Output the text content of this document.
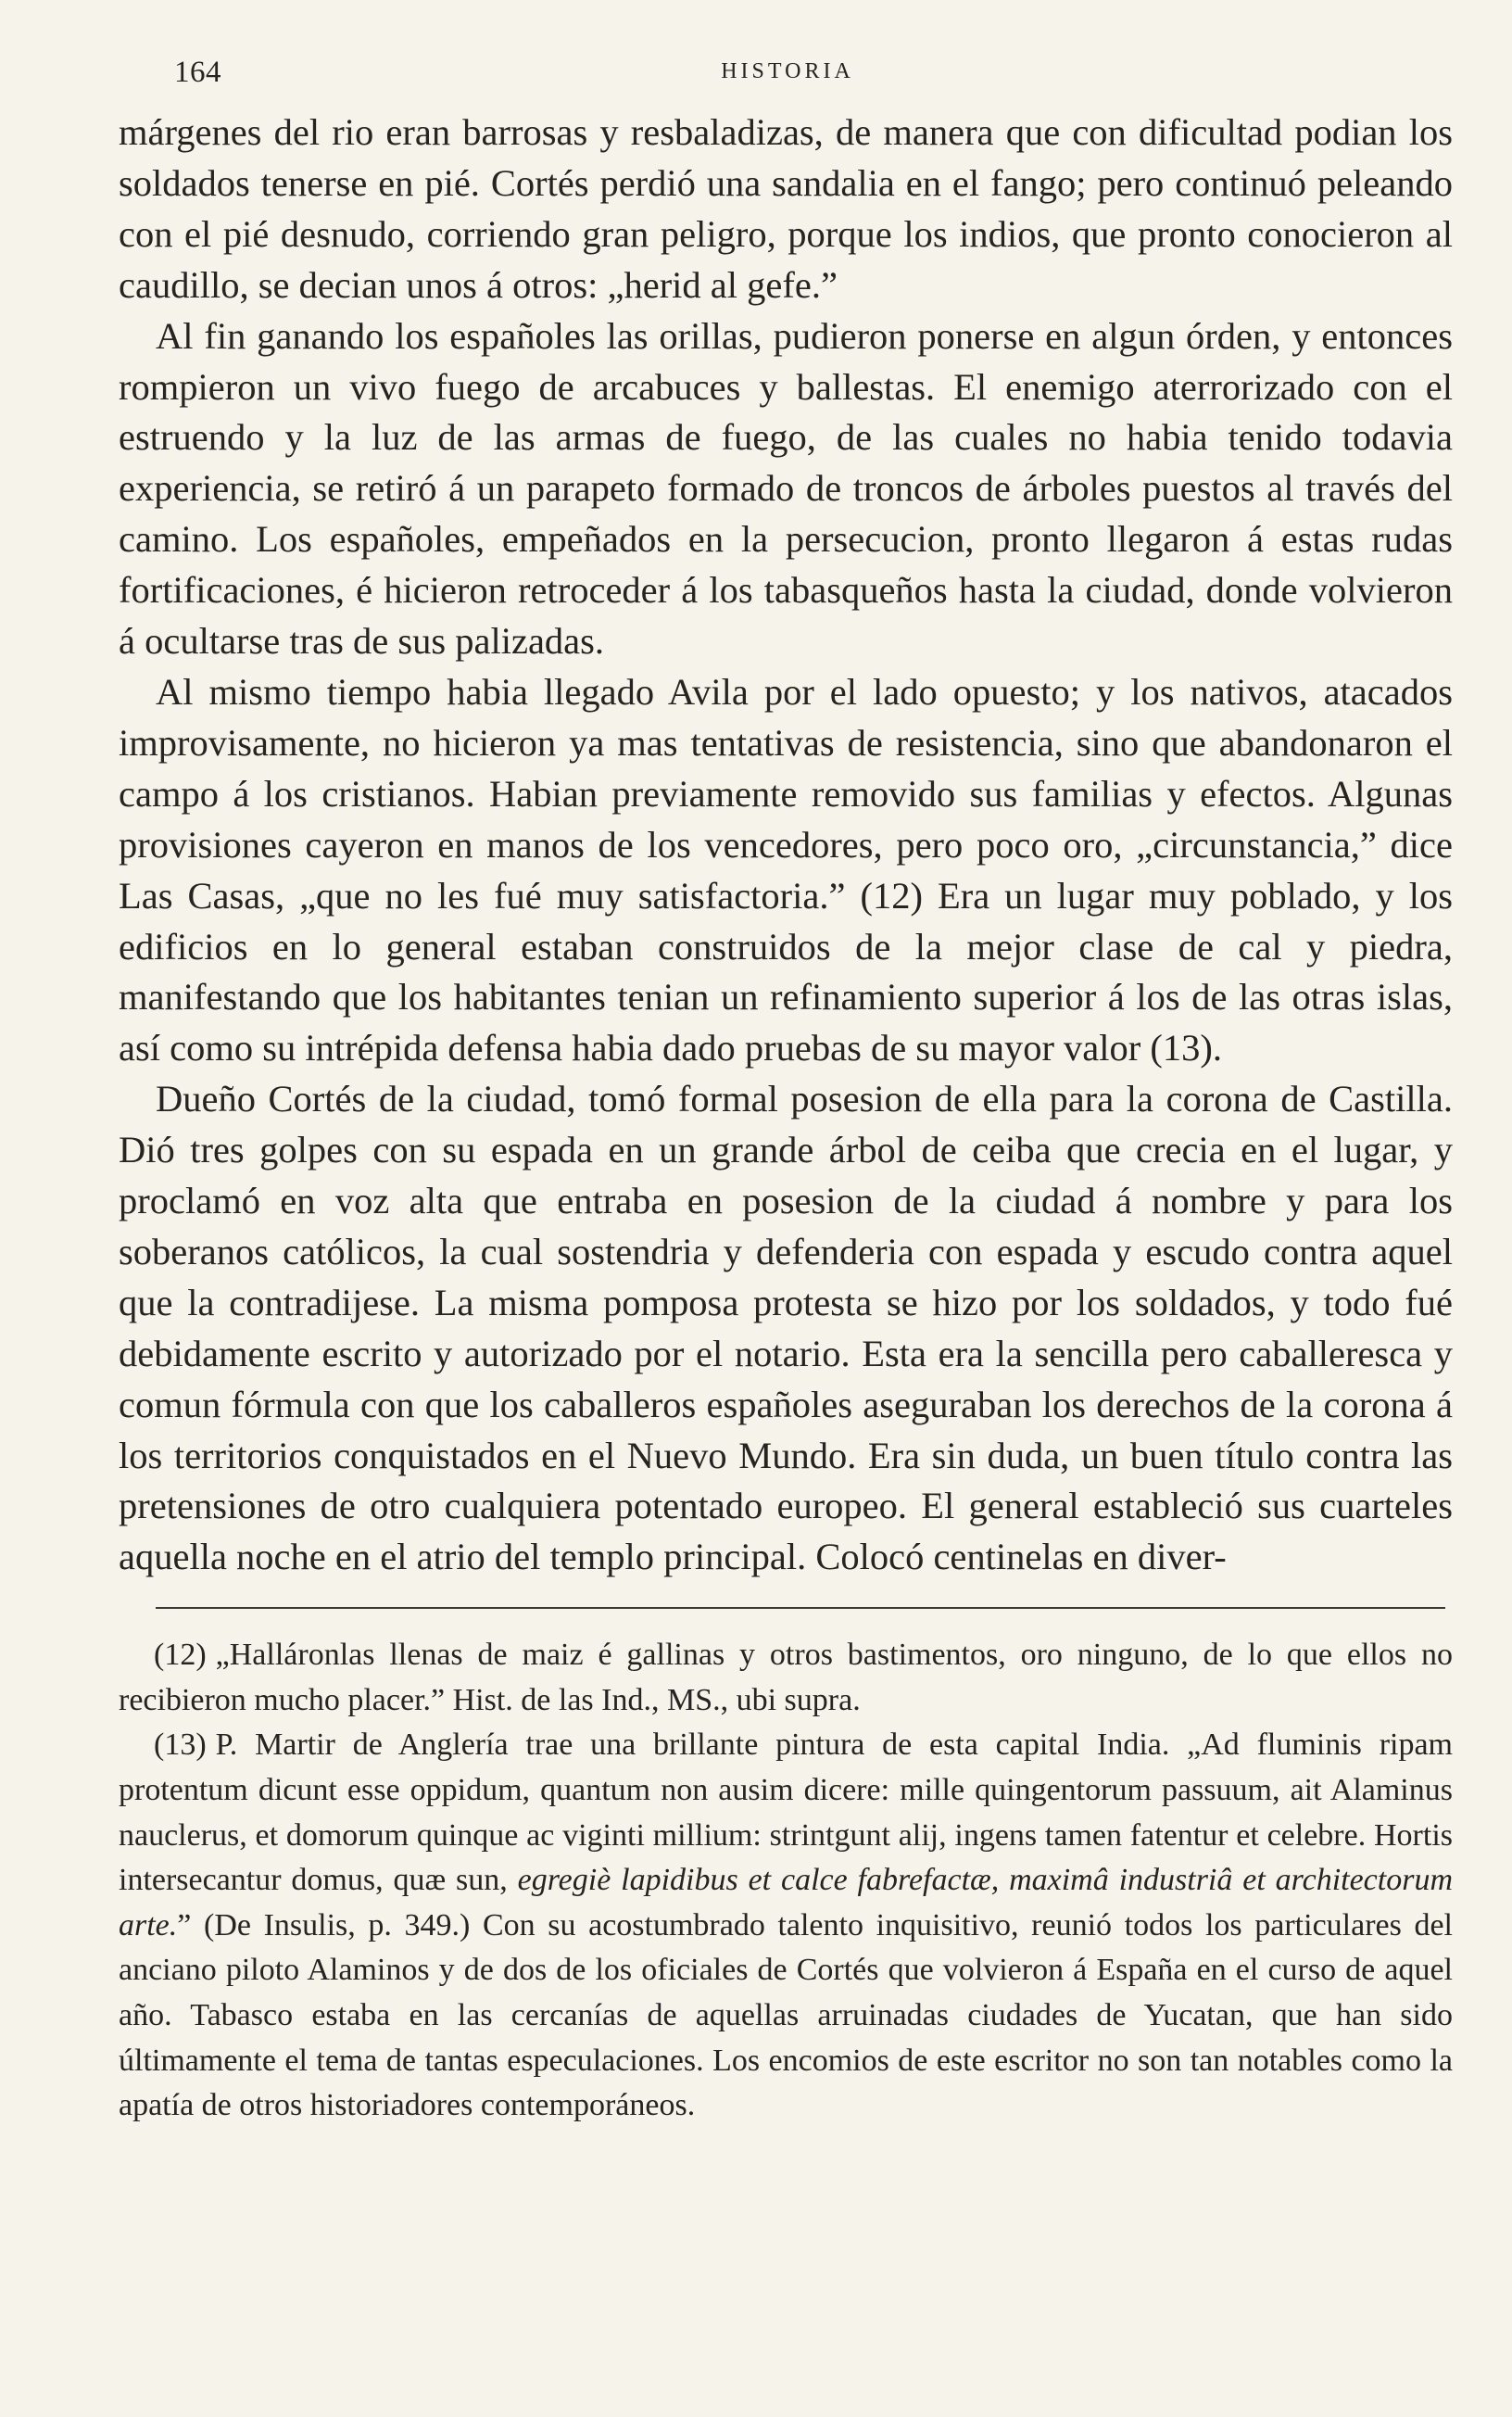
164	HISTORIA

márgenes del rio eran barrosas y resbaladizas, de manera que con dificultad podian los soldados tenerse en pié. Cortés perdió una sandalia en el fango; pero continuó peleando con el pié desnudo, corriendo gran peligro, porque los indios, que pronto conocieron al caudillo, se decian unos á otros: „herid al gefe.”

Al fin ganando los españoles las orillas, pudieron ponerse en algun órden, y entonces rompieron un vivo fuego de arcabuces y ballestas. El enemigo aterrorizado con el estruendo y la luz de las armas de fuego, de las cuales no habia tenido todavia experiencia, se retiró á un parapeto formado de troncos de árboles puestos al través del camino. Los españoles, empeñados en la persecucion, pronto llegaron á estas rudas fortificaciones, é hicieron retroceder á los tabasqueños hasta la ciudad, donde volvieron á ocultarse tras de sus palizadas.

Al mismo tiempo habia llegado Avila por el lado opuesto; y los nativos, atacados improvisamente, no hicieron ya mas tentativas de resistencia, sino que abandonaron el campo á los cristianos. Habian previamente removido sus familias y efectos. Algunas provisiones cayeron en manos de los vencedores, pero poco oro, „circunstancia,” dice Las Casas, „que no les fué muy satisfactoria.” (12) Era un lugar muy poblado, y los edificios en lo general estaban construidos de la mejor clase de cal y piedra, manifestando que los habitantes tenian un refinamiento superior á los de las otras islas, así como su intrépida defensa habia dado pruebas de su mayor valor (13).

Dueño Cortés de la ciudad, tomó formal posesion de ella para la corona de Castilla. Dió tres golpes con su espada en un grande árbol de ceiba que crecia en el lugar, y proclamó en voz alta que entraba en posesion de la ciudad á nombre y para los soberanos católicos, la cual sostendria y defenderia con espada y escudo contra aquel que la contradijese. La misma pomposa protesta se hizo por los soldados, y todo fué debidamente escrito y autorizado por el notario. Esta era la sencilla pero caballeresca y comun fórmula con que los caballeros españoles aseguraban los derechos de la corona á los territorios conquistados en el Nuevo Mundo. Era sin duda, un buen título contra las pretensiones de otro cualquiera potentado europeo. El general estableció sus cuarteles aquella noche en el atrio del templo principal. Colocó centinelas en diver-

(12) „Halláronlas llenas de maiz é gallinas y otros bastimentos, oro ninguno, de lo que ellos no recibieron mucho placer.” Hist. de las Ind., MS., ubi supra.

(13) P. Martir de Anglería trae una brillante pintura de esta capital India. „Ad fluminis ripam protentum dicunt esse oppidum, quantum non ausim dicere: mille quingentorum passuum, ait Alaminus nauclerus, et domorum quinque ac viginti millium: strintgunt alij, ingens tamen fatentur et celebre. Hortis intersecantur domus, quæ sun, egregiè lapidibus et calce fabrefactæ, maximâ industriâ et architectorum arte.” (De Insulis, p. 349.) Con su acostumbrado talento inquisitivo, reunió todos los particulares del anciano piloto Alaminos y de dos de los oficiales de Cortés que volvieron á España en el curso de aquel año. Tabasco estaba en las cercanías de aquellas arruinadas ciudades de Yucatan, que han sido últimamente el tema de tantas especulaciones. Los encomios de este escritor no son tan notables como la apatía de otros historiadores contemporáneos.
